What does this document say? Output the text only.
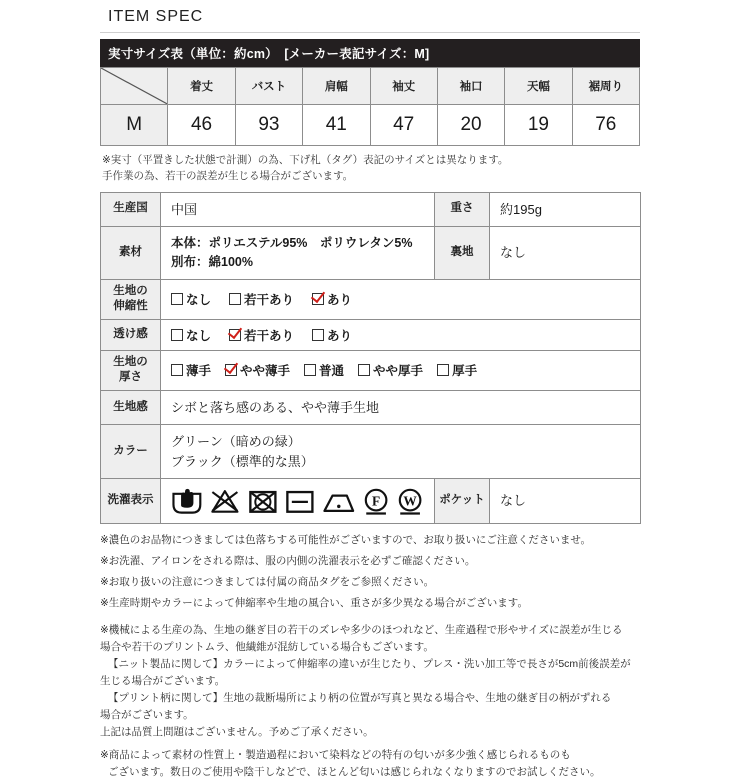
ITEM SPEC
実寸サイズ表（単位：約cm）　[メーカー表記サイズ：M]
	着丈	バスト	肩幅	袖丈	袖口	天幅	裾周り
M	46	93	41	47	20	19	76
※実寸（平置きした状態で計測）の為、下げ札（タグ）表記のサイズとは異なります。
手作業の為、若干の誤差が生じる場合がございます。
生産国	中国	重さ	約195g
素材	本体：ポリエステル95%　ポリウレタン5%
別布：綿100%	裏地	なし

生地の
伸縮性	なし	若干あり	あり

透け感	なし 若干あり あり		

生地の
厚さ	薄手 やや薄手 普通 やや厚手 厚手

生地感	シボと落ち感のある、やや薄手生地		
カラー	グリーン（暗めの緑）
ブラック（標準的な黒）		

洗濯表示	F W	ポケット	なし

※濃色のお品物につきましては色落ちする可能性がございますので、お取り扱いにご注意くださいませ。

※お洗濯、アイロンをされる際は、服の内側の洗濯表示を必ずご確認ください。

※お取り扱いの注意につきましては付属の商品タグをご参照ください。

※生産時期やカラーによって伸縮率や生地の風合い、重さが多少異なる場合がございます。

※機械による生産の為、生地の継ぎ目の若干のズレや多少のほつれなど、生産過程で形やサイズに誤差が生じる

場合や若干のプリントムラ、他繊維が混紡している場合もございます。

【ニット製品に関して】カラーによって伸縮率の違いが生じたり、プレス・洗い加工等で長さが5cm前後誤差が

生じる場合がございます。

【プリント柄に関して】生地の裁断場所により柄の位置が写真と異なる場合や、生地の継ぎ目の柄がずれる

場合がございます。

上記は品質上問題はございません。予めご了承ください。

※商品によって素材の性質上・製造過程において染料などの特有の匂いが多少強く感じられるものも

ございます。数日のご使用や陰干しなどで、ほとんど匂いは感じられなくなりますのでお試しください。
